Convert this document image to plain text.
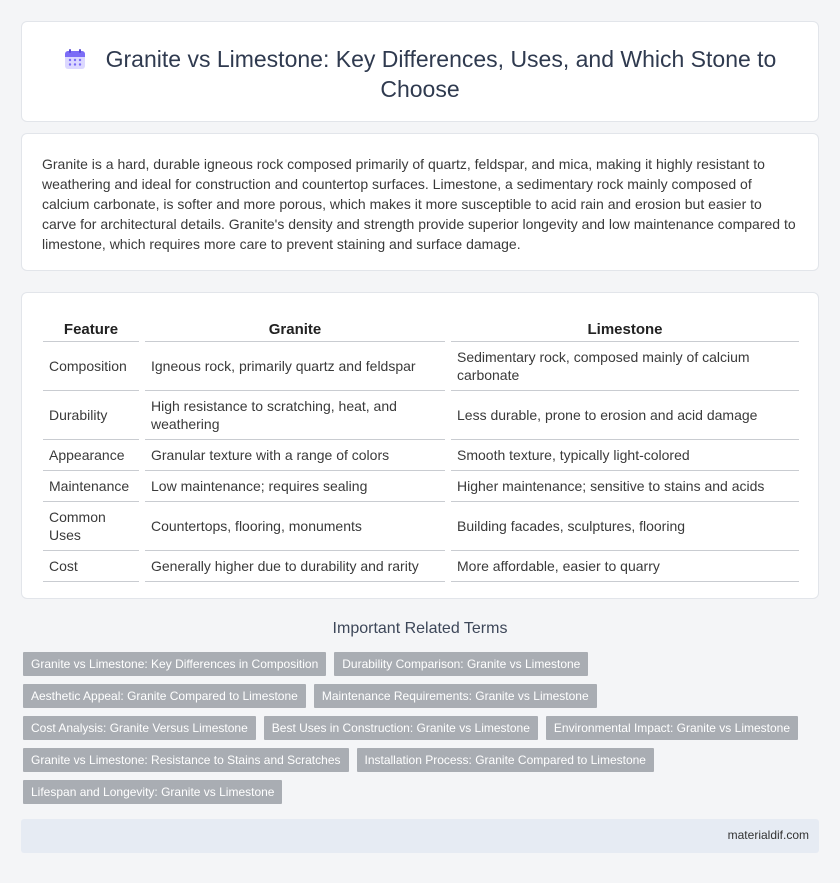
Granite vs Limestone: Key Differences, Uses, and Which Stone to Choose

Granite is a hard, durable igneous rock composed primarily of quartz, feldspar, and mica, making it highly resistant to weathering and ideal for construction and countertop surfaces. Limestone, a sedimentary rock mainly composed of calcium carbonate, is softer and more porous, which makes it more susceptible to acid rain and erosion but easier to carve for architectural details. Granite's density and strength provide superior longevity and low maintenance compared to limestone, which requires more care to prevent staining and surface damage.

Feature	Granite	Limestone
Composition	Igneous rock, primarily quartz and feldspar	Sedimentary rock, composed mainly of calcium carbonate
Durability	High resistance to scratching, heat, and weathering	Less durable, prone to erosion and acid damage
Appearance	Granular texture with a range of colors	Smooth texture, typically light-colored
Maintenance	Low maintenance; requires sealing	Higher maintenance; sensitive to stains and acids
Common Uses	Countertops, flooring, monuments	Building facades, sculptures, flooring
Cost	Generally higher due to durability and rarity	More affordable, easier to quarry
Important Related Terms
Granite vs Limestone: Key Differences in Composition	Durability Comparison: Granite vs Limestone
Aesthetic Appeal: Granite Compared to Limestone	Maintenance Requirements: Granite vs Limestone
Cost Analysis: Granite Versus Limestone	Best Uses in Construction: Granite vs Limestone	Environmental Impact: Granite vs Limestone
Granite vs Limestone: Resistance to Stains and Scratches	Installation Process: Granite Compared to Limestone
Lifespan and Longevity: Granite vs Limestone
materialdif.com
